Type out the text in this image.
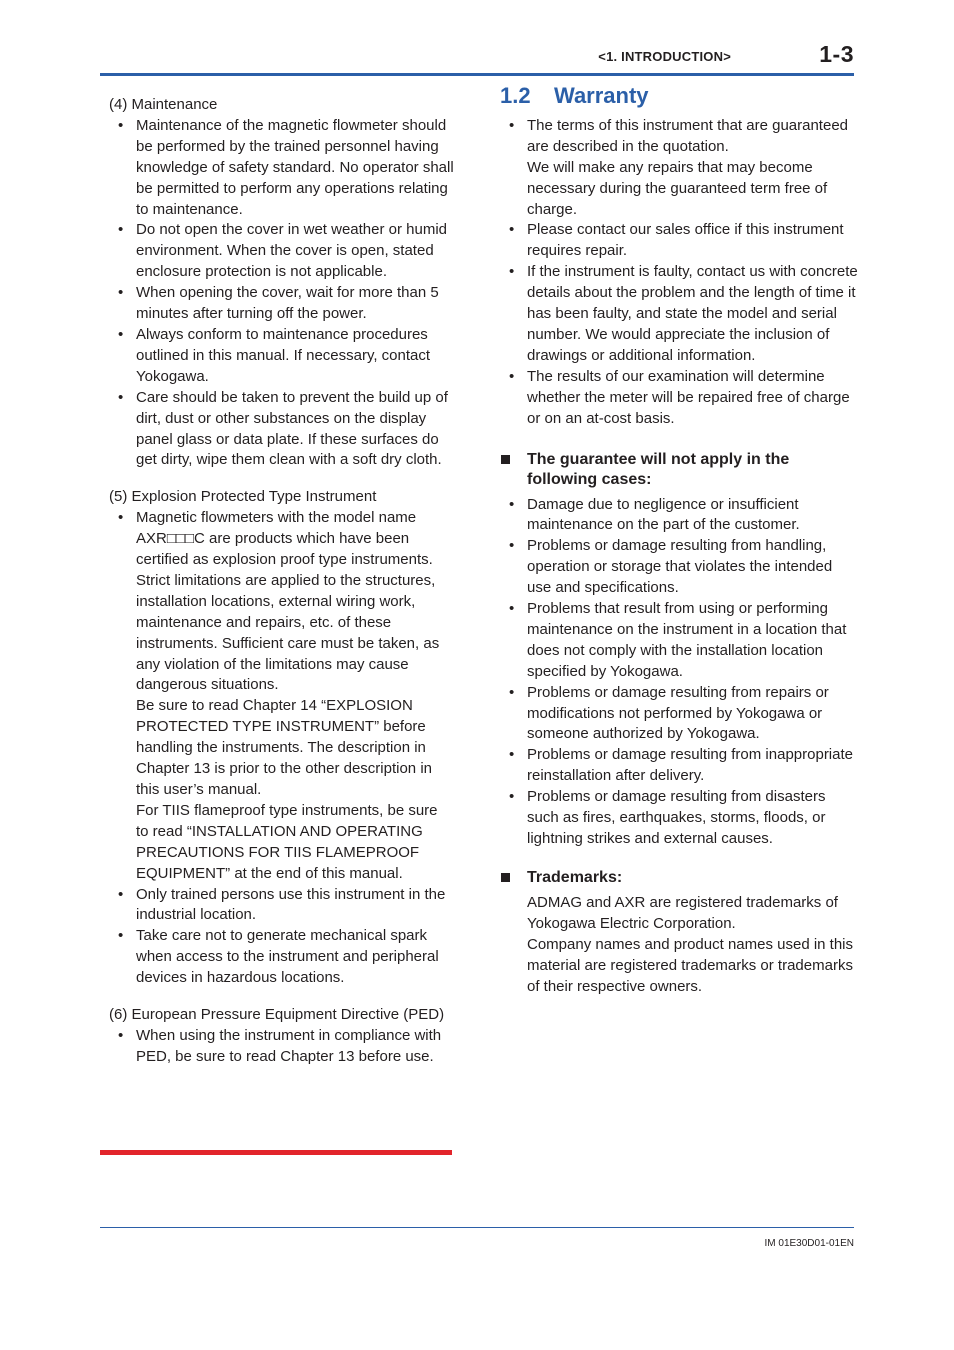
<1. INTRODUCTION>	1-3

(4) Maintenance

• Maintenance of the magnetic flowmeter should be performed by the trained personnel having knowledge of safety standard. No operator shall be permitted to perform any operations relating to maintenance.
• Do not open the cover in wet weather or humid environment. When the cover is open, stated enclosure protection is not applicable.
• When opening the cover, wait for more than 5 minutes after turning off the power.
• Always conform to maintenance procedures outlined in this manual. If necessary, contact Yokogawa.
• Care should be taken to prevent the build up of dirt, dust or other substances on the display panel glass or data plate. If these surfaces do get dirty, wipe them clean with a soft dry cloth.

(5) Explosion Protected Type Instrument

• Magnetic flowmeters with the model name AXR□□□C are products which have been certified as explosion proof type instruments. Strict limitations are applied to the structures, installation locations, external wiring work, maintenance and repairs, etc. of these instruments. Sufficient care must be taken, as any violation of the limitations may cause dangerous situations.
Be sure to read Chapter 14 “EXPLOSION PROTECTED TYPE INSTRUMENT” before handling the instruments. The description in Chapter 13 is prior to the other description in this user’s manual.
For TIIS flameproof type instruments, be sure to read “INSTALLATION AND OPERATING PRECAUTIONS FOR TIIS FLAMEPROOF EQUIPMENT” at the end of this manual.
• Only trained persons use this instrument in the industrial location.
• Take care not to generate mechanical spark when access to the instrument and peripheral devices in hazardous locations.

(6) European Pressure Equipment Directive (PED)

• When using the instrument in compliance with PED, be sure to read Chapter 13 before use.
1.2 Warranty
• The terms of this instrument that are guaranteed are described in the quotation.
We will make any repairs that may become necessary during the guaranteed term free of charge.
• Please contact our sales office if this instrument requires repair.
• If the instrument is faulty, contact us with concrete details about the problem and the length of time it has been faulty, and state the model and serial number. We would appreciate the inclusion of drawings or additional information.
• The results of our examination will determine whether the meter will be repaired free of charge or on an at-cost basis.
The guarantee will not apply in the following cases:
• Damage due to negligence or insufficient maintenance on the part of the customer.
• Problems or damage resulting from handling, operation or storage that violates the intended use and specifications.
• Problems that result from using or performing maintenance on the instrument in a location that does not comply with the installation location specified by Yokogawa.
• Problems or damage resulting from repairs or modifications not performed by Yokogawa or someone authorized by Yokogawa.
• Problems or damage resulting from inappropriate reinstallation after delivery.
• Problems or damage resulting from disasters such as fires, earthquakes, storms, floods, or lightning strikes and external causes.
Trademarks:
ADMAG and AXR are registered trademarks of Yokogawa Electric Corporation.
Company names and product names used in this material are registered trademarks or trademarks of their respective owners.
IM 01E30D01-01EN
